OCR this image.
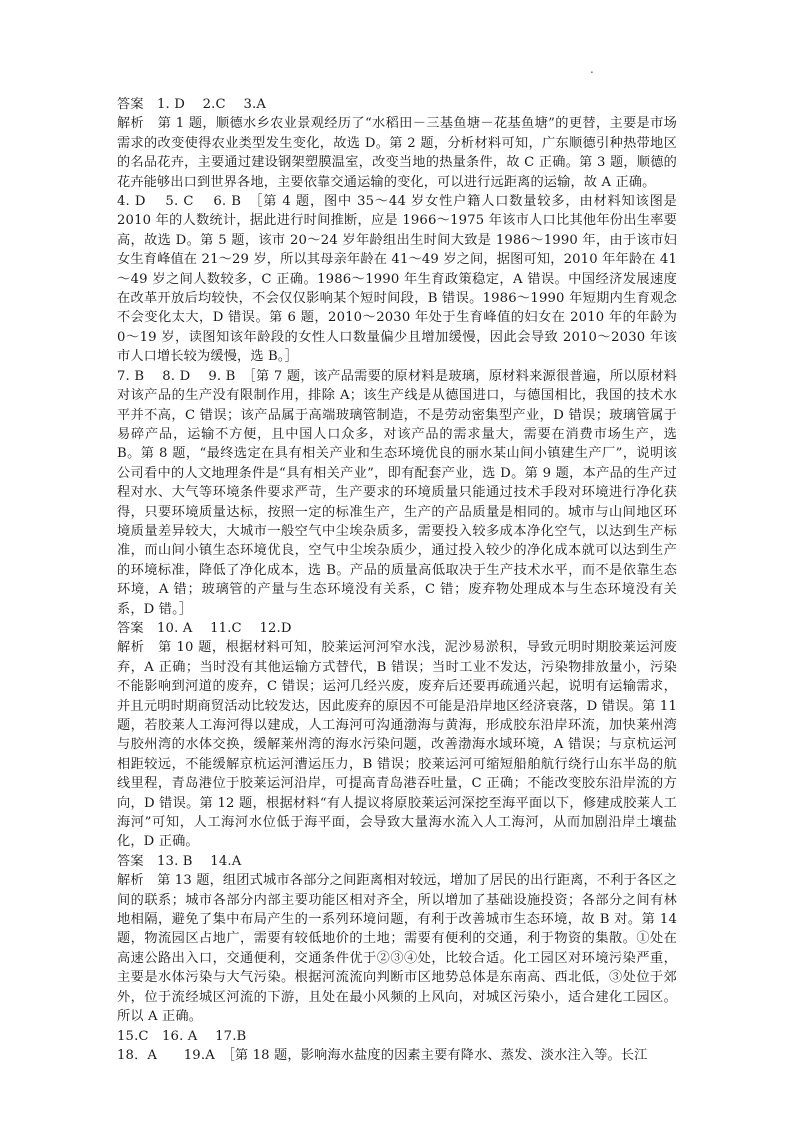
.

答案　1. D　 2.C　 3.A

解析　第 1 题，顺德水乡农业景观经历了“水稻田－三基鱼塘－花基鱼塘”的更替，主要是市场需求的改变使得农业类型发生变化，故选 D。第 2 题，分析材料可知，广东顺德引种热带地区的名品花卉，主要通过建设钢架塑膜温室，改变当地的热量条件，故 C 正确。第 3 题，顺德的花卉能够出口到世界各地，主要依靠交通运输的变化，可以进行远距离的运输，故 A 正确。

4. D　 5. C　 6. B　［第 4 题，图中 35～44 岁女性户籍人口数量较多，由材料知该图是 2010 年的人数统计，据此进行时间推断，应是 1966～1975 年该市人口比其他年份出生率要高，故选 D。第 5 题，该市 20～24 岁年龄组出生时间大致是 1986～1990 年，由于该市妇女生育峰值在 21～29 岁，所以其母亲年龄在 41～49 岁之间，据图可知，2010 年年龄在 41～49 岁之间人数较多，C 正确。1986～1990 年生育政策稳定，A 错误。中国经济发展速度在改革开放后均较快，不会仅仅影响某个短时间段，B 错误。1986～1990 年短期内生育观念不会变化太大，D 错误。第 6 题，2010～2030 年处于生育峰值的妇女在 2010 年的年龄为 0～19 岁，读图知该年龄段的女性人口数量偏少且增加缓慢，因此会导致 2010～2030 年该市人口增长较为缓慢，选 B。］

7. B　 8. D　 9. B　［第 7 题，该产品需要的原材料是玻璃，原材料来源很普遍，所以原材料对该产品的生产没有限制作用，排除 A；该生产线是从德国进口，与德国相比，我国的技术水平并不高，C 错误；该产品属于高端玻璃管制造，不是劳动密集型产业，D 错误；玻璃管属于易碎产品，运输不方便，且中国人口众多，对该产品的需求量大，需要在消费市场生产，选 B。第 8 题，“最终选定在具有相关产业和生态环境优良的丽水某山间小镇建生产厂”，说明该公司看中的人文地理条件是“具有相关产业”，即有配套产业，选 D。第 9 题，本产品的生产过程对水、大气等环境条件要求严苛，生产要求的环境质量只能通过技术手段对环境进行净化获得，只要环境质量达标，按照一定的标准生产，生产的产品质量是相同的。城市与山间地区环境质量差异较大，大城市一般空气中尘埃杂质多，需要投入较多成本净化空气，以达到生产标准，而山间小镇生态环境优良，空气中尘埃杂质少，通过投入较少的净化成本就可以达到生产的环境标准，降低了净化成本，选 B。产品的质量高低取决于生产技术水平，而不是依靠生态环境，A 错；玻璃管的产量与生态环境没有关系，C 错；废弃物处理成本与生态环境没有关系，D 错。］

答案　10. A　 11.C　 12.D

解析　第 10 题，根据材料可知，胶莱运河河窄水浅，泥沙易淤积，导致元明时期胶莱运河废弃，A 正确；当时没有其他运输方式替代，B 错误；当时工业不发达，污染物排放量小，污染不能影响到河道的废弃，C 错误；运河几经兴废，废弃后还要再疏通兴起，说明有运输需求，并且元明时期商贸活动比较发达，因此废弃的原因不可能是沿岸地区经济衰落，D 错误。第 11 题，若胶莱人工海河得以建成，人工海河可沟通渤海与黄海，形成胶东沿岸环流，加快莱州湾与胶州湾的水体交换，缓解莱州湾的海水污染问题，改善渤海水域环境，A 错误；与京杭运河相距较远，不能缓解京杭运河漕运压力，B 错误；胶莱运河可缩短船舶航行绕行山东半岛的航线里程，青岛港位于胶莱运河沿岸，可提高青岛港吞吐量，C 正确；不能改变胶东沿岸流的方向，D 错误。第 12 题，根据材料“有人提议将原胶莱运河深挖至海平面以下，修建成胶莱人工海河”可知，人工海河水位低于海平面，会导致大量海水流入人工海河，从而加剧沿岸土壤盐化，D 正确。

答案　13. B　 14.A

解析　第 13 题，组团式城市各部分之间距离相对较远，增加了居民的出行距离，不利于各区之间的联系；城市各部分内部主要功能区相对齐全，所以增加了基础设施投资；各部分之间有林地相隔，避免了集中布局产生的一系列环境问题，有利于改善城市生态环境，故 B 对。第 14 题，物流园区占地广，需要有较低地价的土地；需要有便利的交通，利于物资的集散。①处在高速公路出入口，交通便利，交通条件优于②③④处，比较合适。化工园区对环境污染严重，主要是水体污染与大气污染。根据河流流向判断市区地势总体是东南高、西北低，③处位于郊外，位于流经城区河流的下游，且处在最小风频的上风向，对城区污染小，适合建化工园区。所以 A 正确。

15.C　16. A　 17.B

18．A　　19.A　［第 18 题，影响海水盐度的因素主要有降水、蒸发、淡水注入等。长江
